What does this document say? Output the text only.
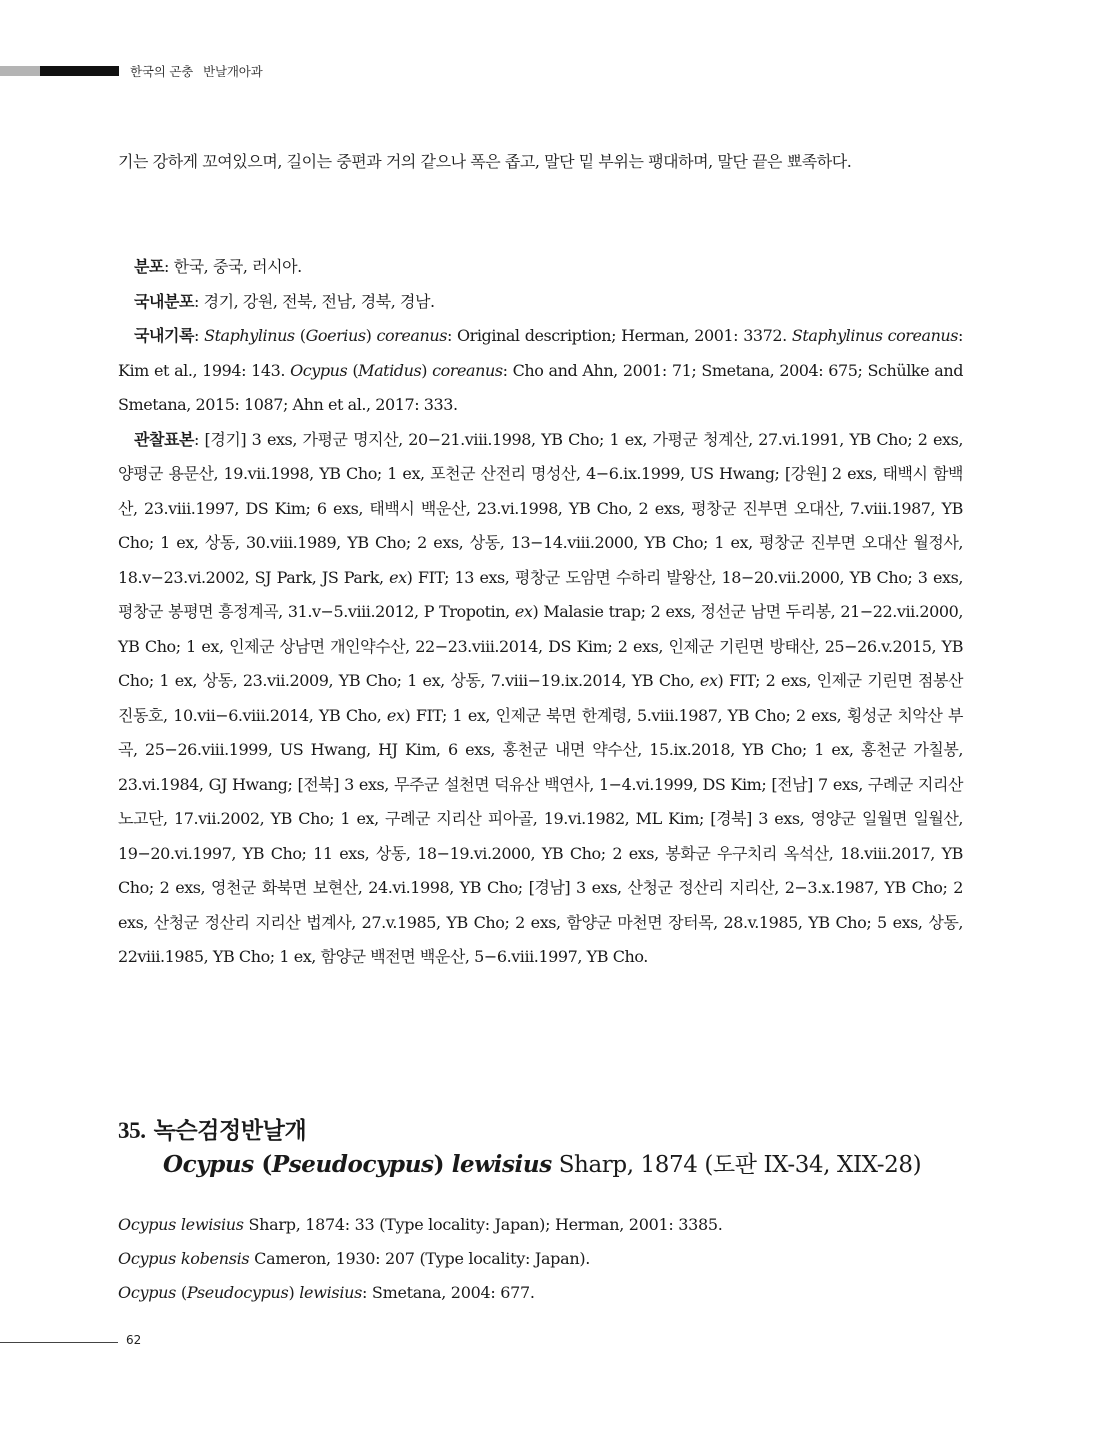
한국의 곤충 반날개아과
기는 강하게 꼬여있으며, 길이는 중편과 거의 같으나 폭은 좁고, 말단 밑 부위는 팽대하며, 말단 끝은 뾰족하다.

분포: 한국, 중국, 러시아.

국내분포: 경기, 강원, 전북, 전남, 경북, 경남.

국내기록: Staphylinus (Goerius) coreanus: Original description; Herman, 2001: 3372. Staphylinus coreanus: Kim et al., 1994: 143. Ocypus (Matidus) coreanus: Cho and Ahn, 2001: 71; Smetana, 2004: 675; Schülke and Smetana, 2015: 1087; Ahn et al., 2017: 333.

관찰표본: [경기] 3 exs, 가평군 명지산, 20−21.viii.1998, YB Cho; 1 ex, 가평군 청계산, 27.vi.1991, YB Cho; 2 exs, 양평군 용문산, 19.vii.1998, YB Cho; 1 ex, 포천군 산전리 명성산, 4−6.ix.1999, US Hwang; [강원] 2 exs, 태백시 함백산, 23.viii.1997, DS Kim; 6 exs, 태백시 백운산, 23.vi.1998, YB Cho, 2 exs, 평창군 진부면 오대산, 7.viii.1987, YB Cho; 1 ex, 상동, 30.viii.1989, YB Cho; 2 exs, 상동, 13−14.viii.2000, YB Cho; 1 ex, 평창군 진부면 오대산 월정사, 18.v−23.vi.2002, SJ Park, JS Park, ex) FIT; 13 exs, 평창군 도암면 수하리 발왕산, 18−20.vii.2000, YB Cho; 3 exs, 평창군 봉평면 흥정계곡, 31.v−5.viii.2012, P Tropotin, ex) Malasie trap; 2 exs, 정선군 남면 두리봉, 21−22.vii.2000, YB Cho; 1 ex, 인제군 상남면 개인약수산, 22−23.viii.2014, DS Kim; 2 exs, 인제군 기린면 방태산, 25−26.v.2015, YB Cho; 1 ex, 상동, 23.vii.2009, YB Cho; 1 ex, 상동, 7.viii−19.ix.2014, YB Cho, ex) FIT; 2 exs, 인제군 기린면 점봉산 진동호, 10.vii−6.viii.2014, YB Cho, ex) FIT; 1 ex, 인제군 북면 한계령, 5.viii.1987, YB Cho; 2 exs, 횡성군 치악산 부곡, 25−26.viii.1999, US Hwang, HJ Kim, 6 exs, 홍천군 내면 약수산, 15.ix.2018, YB Cho; 1 ex, 홍천군 가칠봉, 23.vi.1984, GJ Hwang; [전북] 3 exs, 무주군 설천면 덕유산 백연사, 1−4.vi.1999, DS Kim; [전남] 7 exs, 구례군 지리산 노고단, 17.vii.2002, YB Cho; 1 ex, 구례군 지리산 피아골, 19.vi.1982, ML Kim; [경북] 3 exs, 영양군 일월면 일월산, 19−20.vi.1997, YB Cho; 11 exs, 상동, 18−19.vi.2000, YB Cho; 2 exs, 봉화군 우구치리 옥석산, 18.viii.2017, YB Cho; 2 exs, 영천군 화북면 보현산, 24.vi.1998, YB Cho; [경남] 3 exs, 산청군 정산리 지리산, 2−3.x.1987, YB Cho; 2 exs, 산청군 정산리 지리산 법계사, 27.v.1985, YB Cho; 2 exs, 함양군 마천면 장터목, 28.v.1985, YB Cho; 5 exs, 상동, 22viii.1985, YB Cho; 1 ex, 함양군 백전면 백운산, 5−6.viii.1997, YB Cho.

35. 녹슨검정반날개
Ocypus (Pseudocypus) lewisius Sharp, 1874 (도판 IX-34, XIX-28)

Ocypus lewisius Sharp, 1874: 33 (Type locality: Japan); Herman, 2001: 3385.

Ocypus kobensis Cameron, 1930: 207 (Type locality: Japan).

Ocypus (Pseudocypus) lewisius: Smetana, 2004: 677.

62
